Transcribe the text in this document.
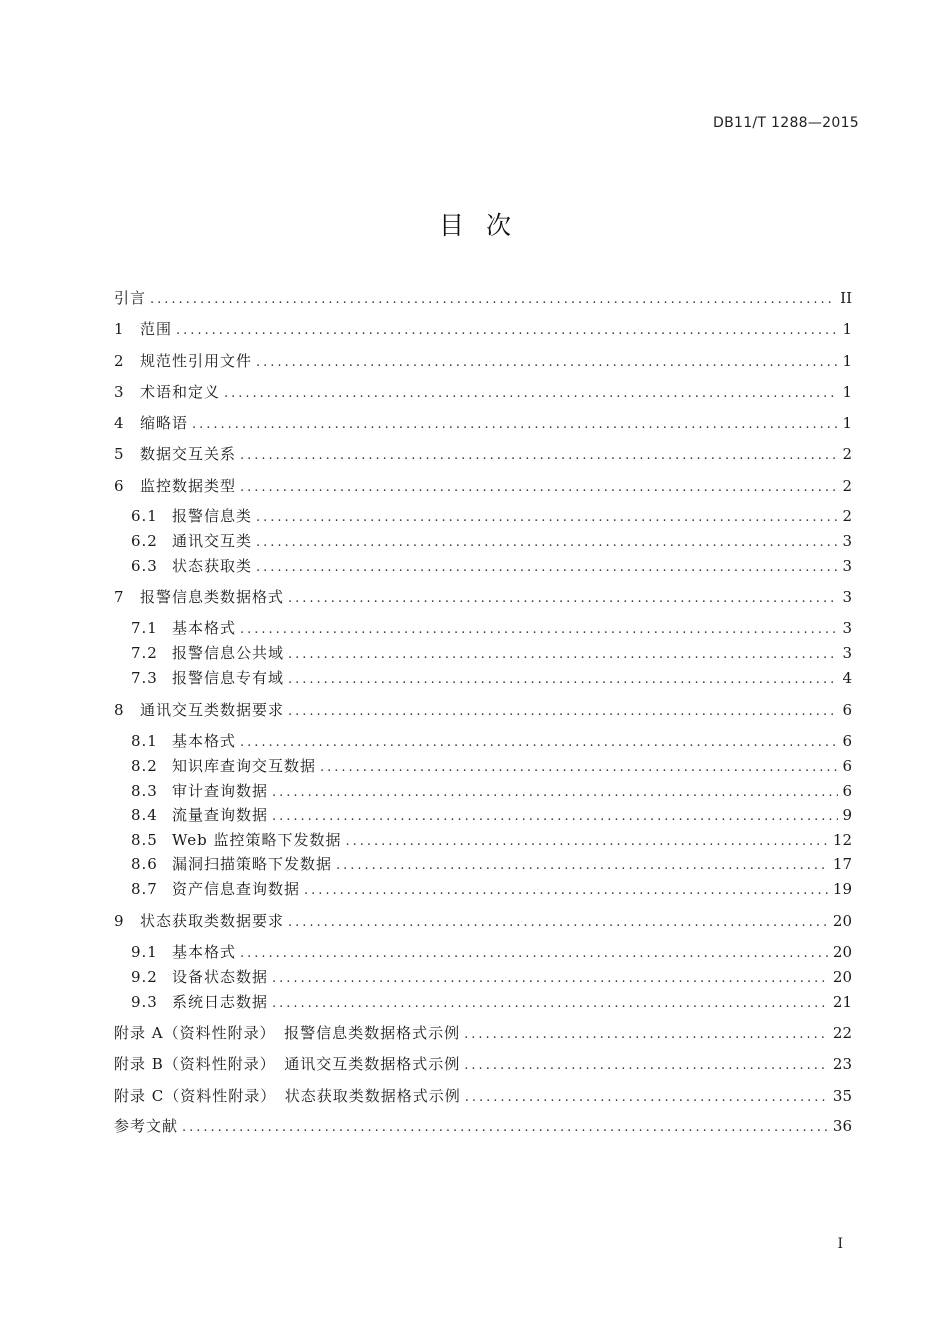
DB11/T 1288—2015
目次
引言 .....	II
1	范围 .....	1
2	规范性引用文件 .....	1
3	术语和定义 .....	1
4	缩略语 .....	1
5	数据交互关系 .....	2
6	监控数据类型 .....	2
6.1 报警信息类 .....	2
6.2 通讯交互类 .....	3
6.3 状态获取类 .....	3
7	报警信息类数据格式 .....	3
7.1 基本格式 .....	3
7.2 报警信息公共域 .....	3
7.3 报警信息专有域 .....	4
8	通讯交互类数据要求 .....	6
8.1 基本格式 .....	6
8.2 知识库查询交互数据 .....	6
8.3 审计查询数据 .....	6
8.4 流量查询数据 .....	9
8.5 Web 监控策略下发数据 .....	12
8.6 漏洞扫描策略下发数据 .....	17
8.7 资产信息查询数据 .....	19
9	状态获取类数据要求 .....	20
9.1 基本格式 .....	20
9.2 设备状态数据 .....	20
9.3 系统日志数据 .....	21
附录 A（资料性附录）　报警信息类数据格式示例 .....	22
附录 B（资料性附录）　通讯交互类数据格式示例 .....	23
附录 C（资料性附录）　状态获取类数据格式示例 .....	35
参考文献 .....	36
I
